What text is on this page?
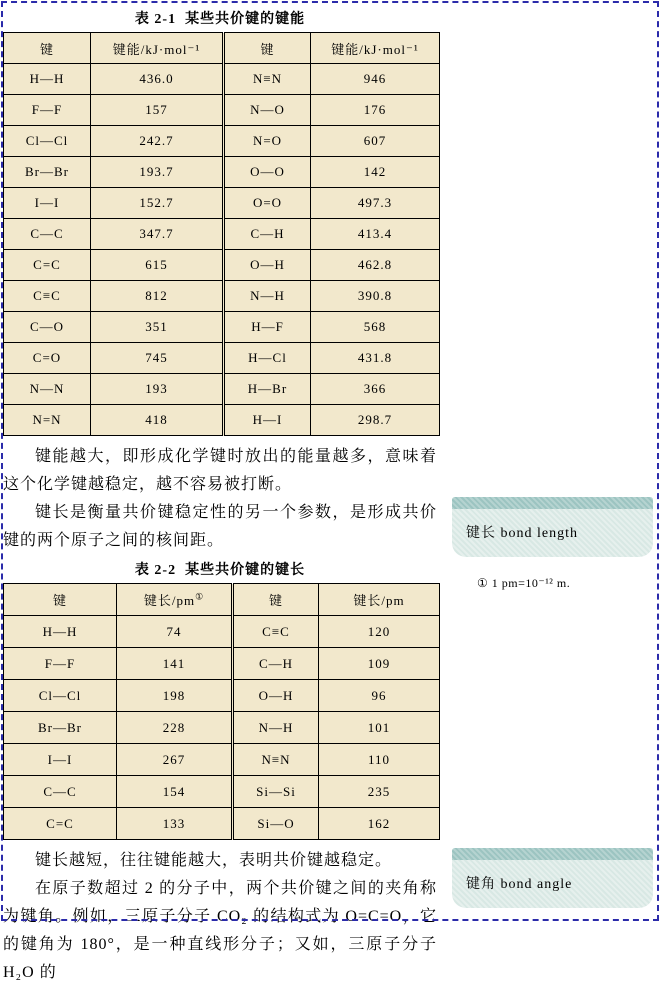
表 2-1  某些共价键的键能
键	键能/kJ·mol⁻¹	键	键能/kJ·mol⁻¹
H—H	436.0	N≡N	946
F—F	157	N—O	176
Cl—Cl	242.7	N=O	607
Br—Br	193.7	O—O	142
I—I	152.7	O=O	497.3
C—C	347.7	C—H	413.4
C=C	615	O—H	462.8
C≡C	812	N—H	390.8
C—O	351	H—F	568
C=O	745	H—Cl	431.8
N—N	193	H—Br	366
N=N	418	H—I	298.7

键能越大，即形成化学键时放出的能量越多，意味着这个化学键越稳定，越不容易被打断。

键长是衡量共价键稳定性的另一个参数，是形成共价键的两个原子之间的核间距。

表 2-2  某些共价键的键长
键	键长/pm①	键	键长/pm
H—H	74	C≡C	120
F—F	141	C—H	109
Cl—Cl	198	O—H	96
Br—Br	228	N—H	101
I—I	267	N≡N	110
C—C	154	Si—Si	235
C=C	133	Si—O	162

键长越短，往往键能越大，表明共价键越稳定。

在原子数超过 2 的分子中，两个共价键之间的夹角称为键角。例如，三原子分子 CO₂ 的结构式为 O=C=O，它的键角为 180°，是一种直线形分子；又如，三原子分子 H₂O 的

键长 bond length
① 1 pm=10⁻¹² m.
键角 bond angle
